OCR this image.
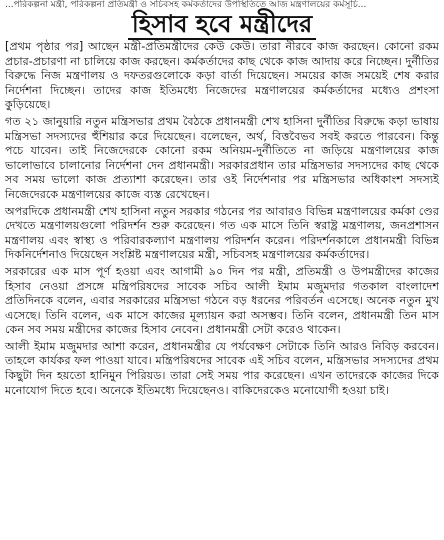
...পরিকল্পনা মন্ত্রী, পরিকল্পনা প্রতিমন্ত্রী ও সচিবসহ কর্মকর্তাদের উপস্থিতিতে আজ মন্ত্রণালয়ের কর্মসূচি...
হিসাব হবে মন্ত্রীদের

[প্রথম পৃষ্ঠার পর] আছেন মন্ত্রী-প্রতিমন্ত্রীদের কেউ কেউ। তারা নীরবে কাজ করছেন। কোনো রকম প্রচার-প্রচারণা না চালিয়ে কাজ করছেন। কর্মকর্তাদের কাছ থেকে কাজ আদায় করে নিচ্ছেন। দুর্নীতির বিরুদ্ধে নিজ মন্ত্রণালয় ও দফতরগুলোকে কড়া বার্তা দিয়েছেন। সময়ের কাজ সময়েই শেষ করার নির্দেশনা দিচ্ছেন। তাদের কাজ ইতিমধ্যে নিজেদের মন্ত্রণালয়ের কর্মকর্তাদের মধ্যেও প্রশংসা কুড়িয়েছে।

গত ২১ জানুয়ারি নতুন মন্ত্রিসভার প্রথম বৈঠকে প্রধানমন্ত্রী শেখ হাসিনা দুর্নীতির বিরুদ্ধে কড়া ভাষায় মন্ত্রিসভা সদস্যদের হুঁশিয়ার করে দিয়েছেন। বলেছেন, অর্থ, বিত্তবৈভব সবই করতে পারবেন। কিন্তু পচে যাবেন। তাই নিজেদেরকে কোনো রকম অনিয়ম-দুর্নীতিতে না জড়িয়ে মন্ত্রণালয়ের কাজ ভালোভাবে চালানোর নির্দেশনা দেন প্রধানমন্ত্রী। সরকারপ্রধান তার মন্ত্রিসভার সদস্যদের কাছ থেকে সব সময় ভালো কাজ প্রত্যাশা করেছেন। তার ওই নির্দেশনার পর মন্ত্রিসভার অধিকাংশ সদস্যই নিজেদেরকে মন্ত্রণালয়ের কাজে ব্যস্ত রেখেছেন।

অপরদিকে প্রধানমন্ত্রী শেখ হাসিনা নতুন সরকার গঠনের পর আবারও বিভিন্ন মন্ত্রণালয়ের কর্মকা ণ্ডের দেখতে মন্ত্রণালয়গুলো পরিদর্শন শুরু করেছেন। গত এক মাসে তিনি স্বরাষ্ট্র মন্ত্রণালয়, জনপ্রশাসন মন্ত্রণালয় এবং স্বাস্থ্য ও পরিবারকল্যাণ মন্ত্রণালয় পরিদর্শন করেন। পরিদর্শনকালে প্রধানমন্ত্রী বিভিন্ন দিকনির্দেশনাও দিয়েছেন সংশ্লিষ্ট মন্ত্রণালয়ের মন্ত্রী, সচিবসহ মন্ত্রণালয়ের কর্মকর্তাদের।

সরকারের এক মাস পূর্ণ হওয়া এবং আগামী ৯০ দিন পর মন্ত্রী, প্রতিমন্ত্রী ও উপমন্ত্রীদের কাজের হিসাব নেওয়া প্রসঙ্গে মন্ত্রিপরিষদের সাবেক সচিব আলী ইমাম মজুমদার গতকাল বাংলাদেশ প্রতিদিনকে বলেন, এবার সরকারের মন্ত্রিসভা গঠনে বড় ধরনের পরিবর্তন এসেছে। অনেক নতুন মুখ এসেছে। তিনি বলেন, এক মাসে কাজের মূল্যায়ন করা অসম্ভব। তিনি বলেন, প্রধানমন্ত্রী তিন মাস কেন সব সময় মন্ত্রীদের কাজের হিসাব নেবেন। প্রধানমন্ত্রী সেটা করেও থাকেন।

আলী ইমাম মজুমদার আশা করেন, প্রধানমন্ত্রীর যে পর্যবেক্ষণ সেটাকে তিনি আরও নিবিড় করবেন। তাহলে কার্যকর ফল পাওয়া যাবে। মন্ত্রিপরিষদের সাবেক এই সচিব বলেন, মন্ত্রিসভার সদস্যদের প্রথম কিছুটা দিন হয়তো হানিমুন পিরিয়ড। তারা সেই সময় পার করেছেন। এখন তাদেরকে কাজের দিকে মনোযোগ দিতে হবে। অনেকে ইতিমধ্যে দিয়েছেনও। বাকিদেরকেও মনোযোগী হওয়া চাই।
